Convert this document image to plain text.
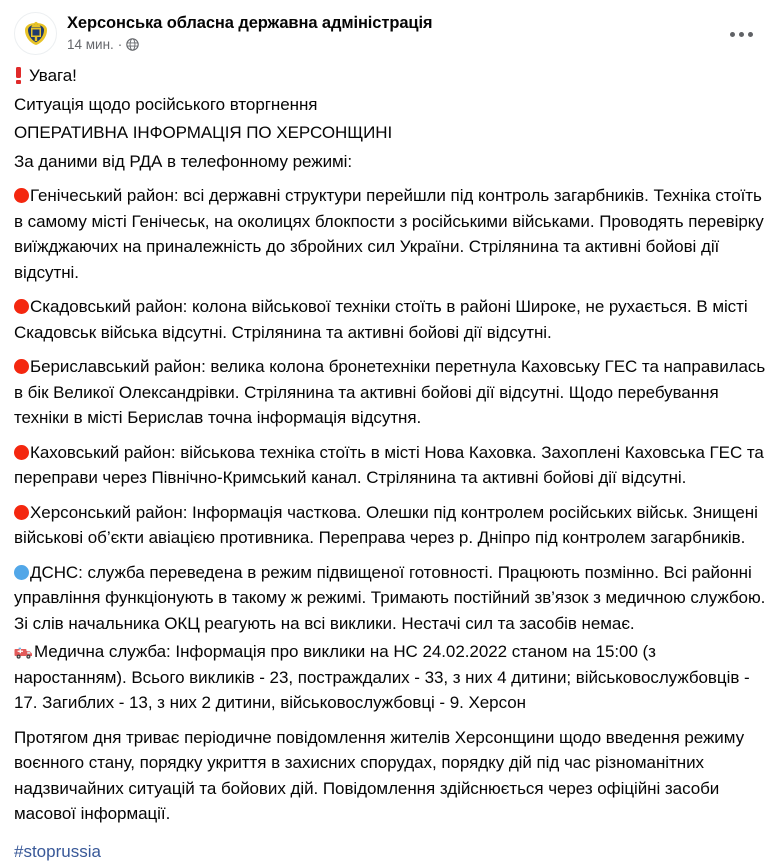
Херсонська обласна державна адміністрація
14 мин. ·

Увага!

Ситуація щодо російського вторгнення

ОПЕРАТИВНА ІНФОРМАЦІЯ ПО ХЕРСОНЩИНІ

За даними від РДА в телефонному режимі:

Генічеський район: всі державні структури перейшли під контроль загарбників. Техніка стоїть в самому місті Генічеськ, на околицях блокпости з російськими військами. Проводять перевірку виїжджаючих на приналежність до збройних сил України. Стрілянина та активні бойові дії відсутні.

Скадовський район: колона військової техніки стоїть в районі Широке, не рухається. В місті Скадовськ війська відсутні. Стрілянина та активні бойові дії відсутні.

Бериславський район: велика колона бронетехніки перетнула Каховську ГЕС та направилась в бік Великої Олександрівки. Стрілянина та активні бойові дії відсутні. Щодо перебування техніки в місті Берислав точна інформація відсутня.

Каховський район: військова техніка стоїть в місті Нова Каховка. Захоплені Каховська ГЕС та переправи через Північно-Кримський канал. Стрілянина та активні бойові дії відсутні.

Херсонський район: Інформація часткова. Олешки під контролем російських військ. Знищені військові об’єкти авіацією противника. Переправа через р. Дніпро під контролем загарбників.

ДСНС: служба переведена в режим підвищеної готовності. Працюють позмінно. Всі районні управління функціонують в такому ж режимі. Тримають постійний зв’язок з медичною службою. Зі слів начальника ОКЦ реагують на всі виклики. Нестачі сил та засобів немає.

Медична служба: Інформація про виклики на НС 24.02.2022 станом на 15:00 (з наростанням). Всього викликів - 23, постраждалих - 33, з них 4 дитини; військовослужбовців - 17. Загиблих - 13, з них 2 дитини, військовослужбовці - 9. Херсон

Протягом дня триває періодичне повідомлення жителів Херсонщини щодо введення режиму воєнного стану, порядку укриття в захисних спорудах, порядку дій під час різноманітних надзвичайних ситуацій та бойових дій. Повідомлення здійснюється через офіційні засоби масової інформації.

#stoprussia
